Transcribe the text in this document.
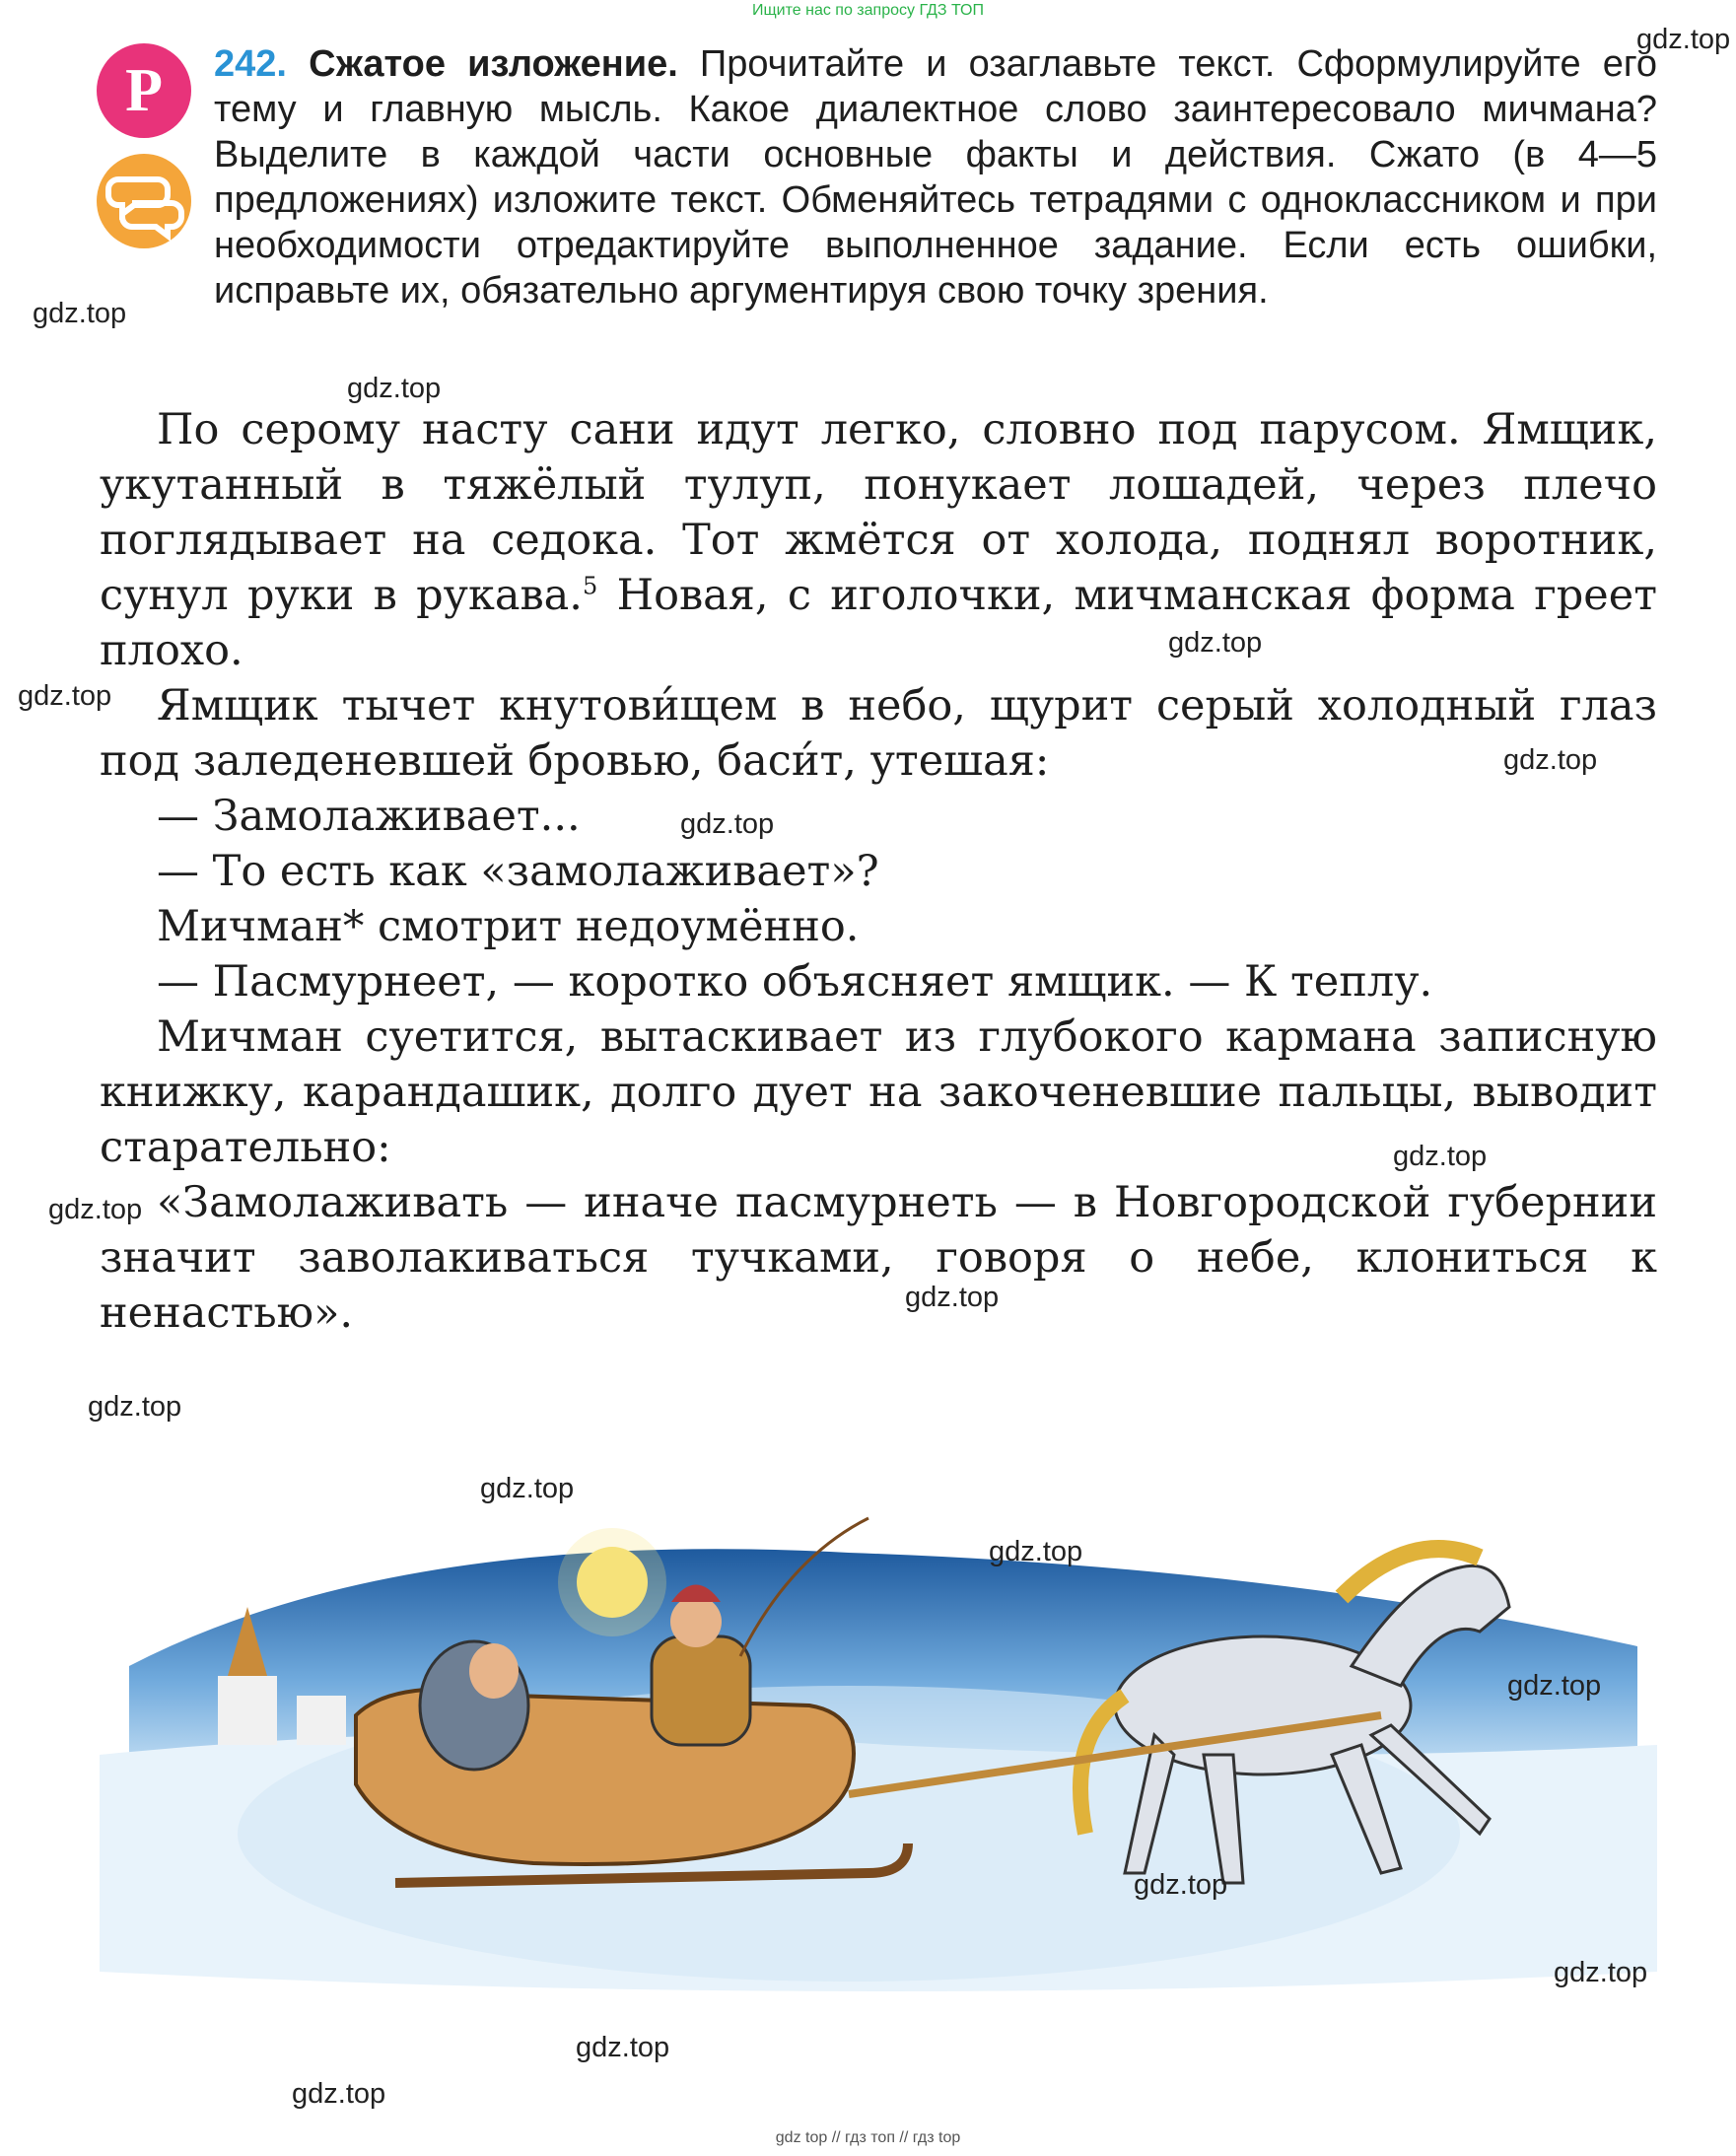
Ищите нас по запросу ГДЗ ТОП
Р	242. Сжатое изложение. Прочитайте и озаглавьте текст. Сформулируйте его тему и главную мысль. Какое диалектное слово заинтересовало мичмана? Выделите в каждой части основные факты и действия. Сжато (в 4—5 предложениях) изложите текст. Обменяйтесь тетрадями с одноклассником и при необходимости отредактируйте выполненное задание. Если есть ошибки, исправьте их, обязательно аргументируя свою точку зрения.

По серому насту сани идут легко, словно под парусом. Ямщик, укутанный в тяжёлый тулуп, понукает лошадей, через плечо поглядывает на седока. Тот жмётся от холода, поднял воротник, сунул руки в рукава.$^5$ Новая, с иголочки, мичманская форма греет плохо.

Ямщик тычет кнутови́щем в небо, щурит серый холодный глаз под заледеневшей бровью, баси́т, утешая:

— Замолаживает...

— То есть как «замолаживает»?

Мичман* смотрит недоумённо.

— Пасмурнеет, — коротко объясняет ямщик. — К теплу.

Мичман суетится, вытаскивает из глубокого кармана записную книжку, карандашик, долго дует на закоченевшие пальцы, выводит старательно:

«Замолаживать — иначе пасмурнеть — в Новгородской губернии значит заволакиваться тучками, говоря о небе, клониться к ненастью».

gdz.top
gdz.top
gdz.top
gdz.top
gdz.top
gdz.top
gdz.top
gdz.top
gdz.top
gdz.top
gdz.top
gdz.top
gdz.top
gdz.top
gdz.top
gdz.top
gdz.top
gdz.top
gdz top // гдз топ // гдз top
